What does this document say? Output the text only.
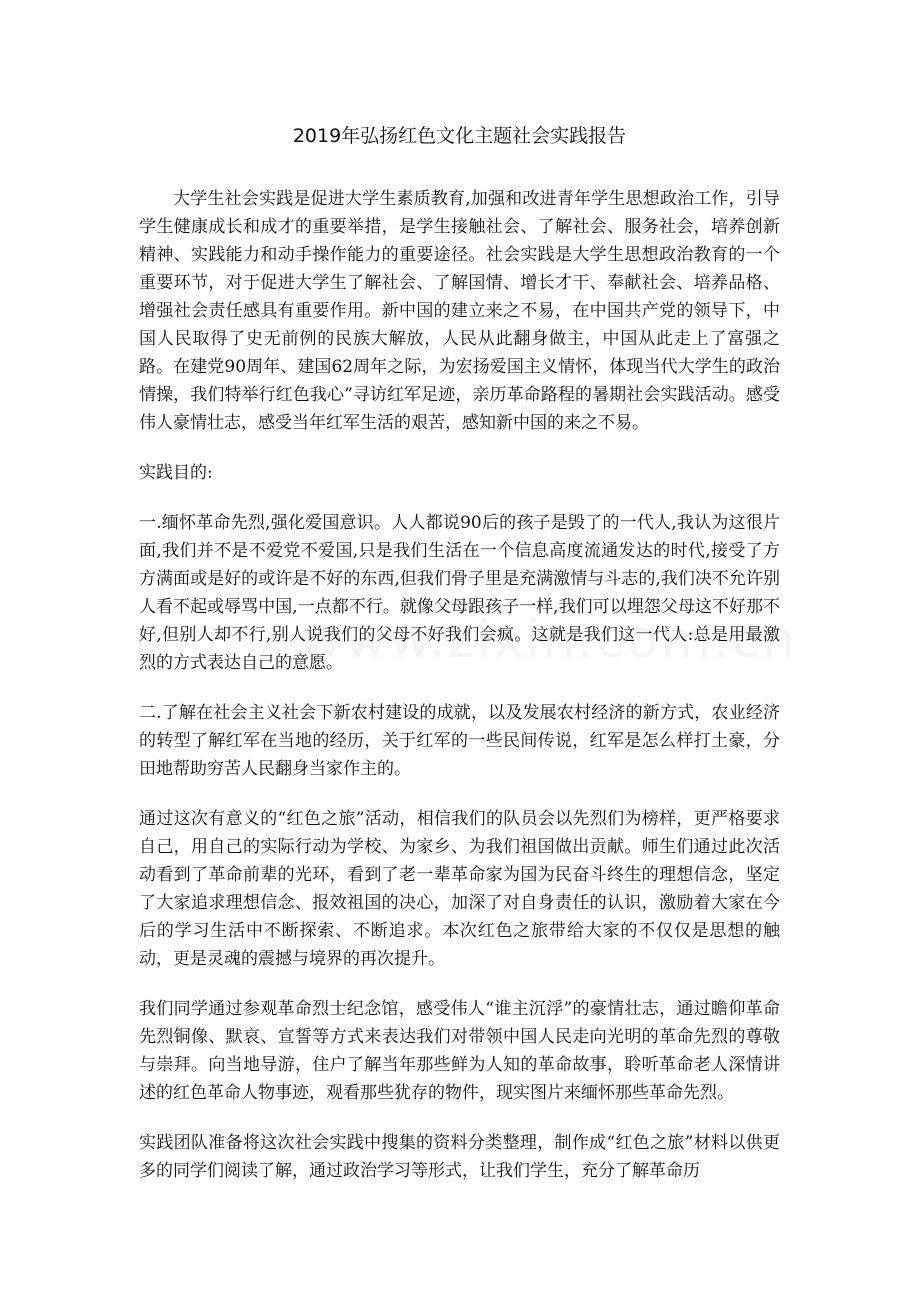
2019年弘扬红色文化主题社会实践报告

大学生社会实践是促进大学生素质教育,加强和改进青年学生思想政治工作，引导学生健康成长和成才的重要举措，是学生接触社会、了解社会、服务社会，培养创新精神、实践能力和动手操作能力的重要途径。社会实践是大学生思想政治教育的一个重要环节，对于促进大学生了解社会、了解国情、增长才干、奉献社会、培养品格、增强社会责任感具有重要作用。新中国的建立来之不易，在中国共产党的领导下，中国人民取得了史无前例的民族大解放，人民从此翻身做主，中国从此走上了富强之路。在建党90周年、建国62周年之际，为宏扬爱国主义情怀，体现当代大学生的政治情操，我们特举行红色我心”寻访红军足迹，亲历革命路程的暑期社会实践活动。感受伟人豪情壮志，感受当年红军生活的艰苦，感知新中国的来之不易。

实践目的:

一.缅怀革命先烈,强化爱国意识。人人都说90后的孩子是毁了的一代人,我认为这很片面,我们并不是不爱党不爱国,只是我们生活在一个信息高度流通发达的时代,接受了方方满面或是好的或许是不好的东西,但我们骨子里是充满激情与斗志的,我们决不允许别人看不起或辱骂中国,一点都不行。就像父母跟孩子一样,我们可以埋怨父母这不好那不好,但别人却不行,别人说我们的父母不好我们会疯。这就是我们这一代人:总是用最激烈的方式表达自己的意愿。

二.了解在社会主义社会下新农村建设的成就，以及发展农村经济的新方式，农业经济的转型了解红军在当地的经历，关于红军的一些民间传说，红军是怎么样打土豪，分田地帮助穷苦人民翻身当家作主的。

通过这次有意义的“红色之旅”活动，相信我们的队员会以先烈们为榜样，更严格要求自己，用自己的实际行动为学校、为家乡、为我们祖国做出贡献。师生们通过此次活动看到了革命前辈的光环，看到了老一辈革命家为国为民奋斗终生的理想信念，坚定了大家追求理想信念、报效祖国的决心，加深了对自身责任的认识，激励着大家在今后的学习生活中不断探索、不断追求。本次红色之旅带给大家的不仅仅是思想的触动，更是灵魂的震撼与境界的再次提升。

我们同学通过参观革命烈士纪念馆，感受伟人“谁主沉浮”的豪情壮志，通过瞻仰革命先烈铜像、默哀、宣誓等方式来表达我们对带领中国人民走向光明的革命先烈的尊敬与崇拜。向当地导游，住户了解当年那些鲜为人知的革命故事，聆听革命老人深情讲述的红色革命人物事迹，观看那些犹存的物件，现实图片来缅怀那些革命先烈。

实践团队准备将这次社会实践中搜集的资料分类整理，制作成“红色之旅”材料以供更多的同学们阅读了解，通过政治学习等形式，让我们学生，充分了解革命历
